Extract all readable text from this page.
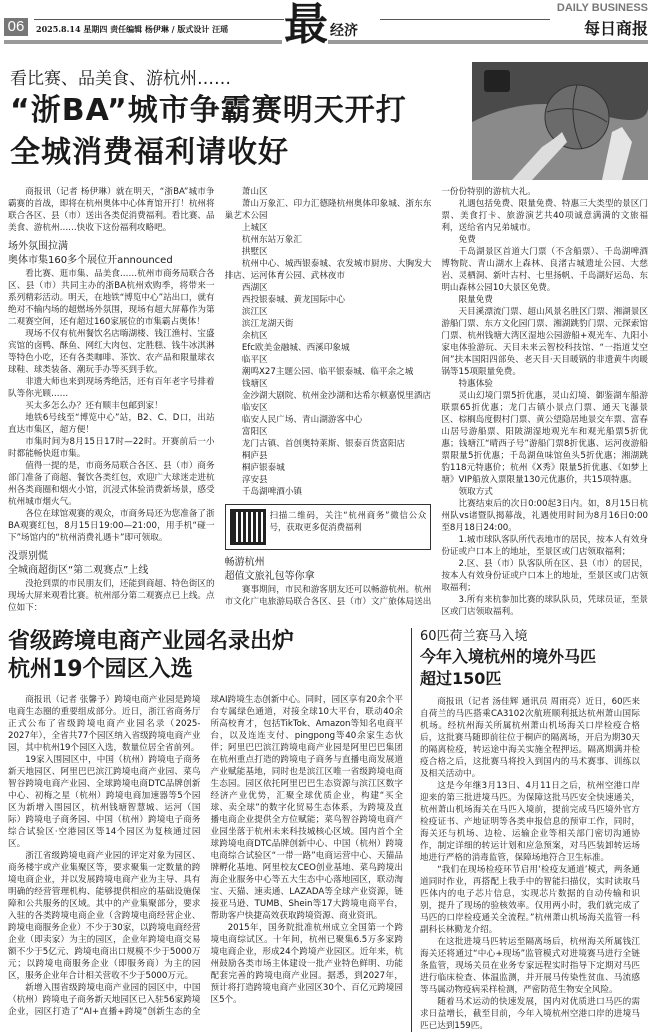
06	2025.8.14 星期四 责任编辑 杨伊琳 / 版式设计 汪瑶 最 经济
DAILY BUSINESS
每日商报
看比赛、品美食、游杭州……
“浙BA”城市争霸赛明天开打
全城消费福利请收好

商报讯（记者 杨伊琳）就在明天，“浙BA”城市争霸赛的首战，即将在杭州奥体中心体育馆开打！杭州将联合各区、县（市）送出各类促消费福利。看比赛、品美食、游杭州……快收下这份福利攻略吧。

场外氛围拉满
奥体市集160多个展位开announced

看比赛、逛市集、品美食……杭州市商务局联合各区、县（市）共同主办的浙BA杭州欢购季，将带来一系列精彩活动。明天，在地铁“博览中心”站出口，就有绝对不输内场的超燃场外氛围，现场有超大屏幕作为第二观赛空间，还有超过160家展位的市集霸占奥体！

现场不仅有杭州餐饮名店嗨湖楼、钱江渔村、宝盛宾馆的卤鸭、酥鱼、网红大肉包、定胜糕、钱牛冰淇淋等特色小吃，还有各类咖啡、茶饮、农产品和限量球衣球鞋、球类装备、潮玩手办等买到手软。

非遗大师也来到现场秀绝活，还有百年老字号排着队等你光顾……

买太多怎么办？还有顺丰包邮到家！

地铁6号线至“博览中心”站，B2、C、D口，出站直达市集区，超方便！

市集时间为8月15日17时—22时。开赛前后一小时都能畅快逛市集。

值得一提的是，市商务局联合各区、县（市）商务部门准备了商超、餐饮各类红包，欢迎广大球迷走进杭州各类商圈和烟火小馆，沉浸式体验消费新场景，感受杭州城市烟火气。

各位在球馆观赛的观众，市商务局还为您准备了浙BA观赛红包，8月15日19:00—21:00，用手机“碰一下”场馆内的“杭州消费礼遇卡”即可领取。

没票别慌
全城商超街区“第二观赛点”上线

没抢到票的市民朋友们，还能到商超、特色街区的现场大屏来观看比赛。杭州部分第二观赛点已上线。点位如下：

萧山区
萧山万象汇、印力汇德隆杭州奥体印象城、浙东东巢艺术公园
上城区
杭州东站万象汇
拱墅区
杭州中心、城西银泰城、农发城市厨房、大胸发大排店、运河体育公园、武林夜市
西湖区
西投银泰城、黄龙国际中心
滨江区
滨江龙湖天街
余杭区
Efc欧美金融城、西溪印象城
临平区
潮鸣X27主题公园、临平银泰城、临平余之城
钱塘区
金沙湖大剧院、杭州金沙湖和达希尔顿嘉悦里酒店
临安区
临安人民广场、青山湖游客中心
富阳区
龙门古镇、首创奥特莱斯、银泰百货富阳店
桐庐县
桐庐银泰城
淳安县
千岛湖啤酒小镇
扫描二维码，关注“杭州商务”微信公众号，获取更多促消费福利
畅游杭州
超值文旅礼包等你拿

赛事期间，市民和游客朋友还可以畅游杭州。杭州市文化广电旅游局联合各区、县（市）文广旅体局送出一份份特别的游杭大礼。

礼遇包括免费、限量免费、特惠三大类型的景区门票、美食打卡、旅游演艺共40项诚意满满的文旅福利，送给省内兄弟城市。

免费

千岛湖景区首道大门票（不含船票）、千岛湖啤酒博物院、青山湖水上森林、良渚古城遗址公园、大慈岩、灵栖洞、新叶古村、七里扬帆、千岛湖好运岛、东明山森林公园10大景区免费。

限量免费

天目溪漂流门票、超山风景名胜区门票、湘湖景区游船门票、东方文化园门票、湘湖跳豹门票、元探索馆门票、杭州钱塘大湾区湿地公园游船+观光车、九阳小家电体验游玩、天目未来云智校科技馆、“一指道艾空间”扶本国阳四部奂、老天目·天目暖锅的非遗黄牛肉暖锅等15项限量免费。

特惠体验

灵山幻境门票5折优惠，灵山幻境、御鉴湖车船游联票65折优惠；龙门古镇小景点门票、通天飞瀑景区、棕榈岛度假村门票、黄公望隐居地景交车票、富春山居号游船票、阳陂湖湿地观光车和观光船票5折优惠；钱塘江“晴西子号”游船门票8折优惠、运河夜游船票限量5折优惠；千岛湖鱼味馆鱼头5折优惠；湘湖跳豹118元特惠价；杭州《X秀》限量5折优惠、《如梦上塘》VIP船放入票限量130元优惠价，共15项特惠。

领取方式

比赛结束后的次日0:00起3日内。如，8月15日杭州队vs诸暨队揭幕战，礼遇使用时间为8月16日0:00至8月18日24:00。

1.城市球队客队所代表地市的居民，按本人有效身份证或户口本上的地址，至景区或门店领取福利；

2.区、县（市）队客队所在区、县（市）的居民，按本人有效身份证或户口本上的地址，至景区或门店领取福利；

3.所有来杭参加比赛的球队队员，凭球员证，至景区或门店领取福利。

省级跨境电商产业园名录出炉
杭州19个园区入选

商报讯（记者 张馨予）跨境电商产业园是跨境电商生态圈的重要组成部分。近日，浙江省商务厅正式公布了省级跨境电商产业园名录（2025-2027年），全省共77个园区纳入省级跨境电商产业园，其中杭州19个园区入选，数量位居全省前列。

19家入围园区中，中国（杭州）跨境电子商务新天地园区、阿里巴巴滨江跨境电商产业园、菜鸟智谷跨境电商产业园、全球跨境电商DTC品牌创新中心、初梅之星（杭州）跨境电商加速器等5个园区为新增入围园区，杭州钱塘智慧城、运河（国际）跨境电子商务园、中国（杭州）跨境电子商务综合试验区·空港园区等14个园区为复核通过园区。

浙江省级跨境电商产业园的评定对象为园区、商务楼宇或产业集聚区等，要求聚集一定数量的跨境电商企业，并以发展跨境电商产业为主导、具有明确的经营管理机构、能够提供相应的基础设施保障和公共服务的区域。其中的产业集聚部分，要求入驻的各类跨境电商企业（含跨境电商经营企业、跨境电商服务企业）不少于30家，以跨境电商经营企业（即卖家）为主的园区，企业年跨境电商交易额不少于5亿元、跨境电商出口规模不少于5000万元；以跨境电商服务企业（即服务商）为主的园区，服务企业年合计相关营收不少于5000万元。

新增入围省级跨境电商产业园的园区中，中国（杭州）跨境电子商务新天地园区已入驻56家跨境企业，园区打造了“AI+直播+跨境”创新生态的全球AI跨境生态创新中心。同时，园区享有20余个平台专属绿色通道，对接全球10大平台，联动40余所高校育才，包括TikTok、Amazon等知名电商平台，以及连连支付、pingpong等40余家生态伙伴；阿里巴巴滨江跨境电商产业园是阿里巴巴集团在杭州重点打造的跨境电子商务与直播电商发展道产业赋能基地，同时也是滨江区唯一省级跨境电商生态园。园区依托阿里巴巴生态资源与滨江区数字经济产业优势，汇聚全球优质企业，构建“买全球、卖全球”的数字化贸易生态体系，为跨境及直播电商企业提供全方位赋能；菜鸟智谷跨境电商产业园坐落于杭州未来科技城核心区域。国内首个全球跨境电商DTC品牌创新中心、中国（杭州）跨境电商综合试验区“一带一路”电商运营中心、天猫品牌孵化基地、阿里校友CEO创业基地、菜鸟跨境出海企业服务中心等五大生态中心落地园区，联动淘宝、天猫、速卖通、LAZADA等全球产业资源，链接亚马逊、TUMB、Shein等17大跨境电商平台，帮助客户快捷高效获取跨境资源、商业资讯。

2015年，国务院批准杭州成立全国第一个跨境电商综试区。十年间，杭州已聚集6.5万多家跨境电商企业，形成24个跨境产业园区。近年来，杭州鼓励各类市场主体建设一批产业特色鲜明、功能配套完善的跨境电商产业园。据悉，到2027年，预计将打造跨境电商产业园区30个、百亿元跨境园区5个。

60匹荷兰赛马入境
今年入境杭州的境外马匹
超过150匹

商报讯（记者 汤佳辉 通讯员 周雨亮）近日，60匹来自荷兰的马匹搭乘CA3102次航班顺利抵达杭州萧山国际机场。经杭州海关所属杭州萧山机场海关口岸检疫合格后，这批赛马随即前往位于桐庐的隔离场，开启为期30天的隔离检疫，转运途中海关实施全程押运。隔离期满并检疫合格之后，这批赛马将投入到国内的马术赛事、训练以及相关活动中。

这是今年继3月13日、4月11日之后，杭州空港口岸迎来的第三批进境马匹。为保障这批马匹安全快速通关，杭州萧山机场海关在马匹入境前，提前完成马匹境外官方检疫证书、产地证明等各类申报信息的预审工作，同时，海关还与机场、边检、运输企业等相关部门密切沟通协作，制定详细的转运计划和应急预案，对马匹装卸转运场地进行严格的消毒监管，保障场地符合卫生标准。

“我们在现场检疫环节启用‘检疫友通道’模式，两条通道同时作业，再搭配上我手中的智能扫描仪，实时读取马匹体内的电子芯片信息，实现芯片数据的自动传输和识别，提升了现场的验核效率。仅用两小时，我们就完成了马匹的口岸检疫通关全流程。”杭州萧山机场海关监管一科副科长林勤龙介绍。

在这批进境马匹转运至隔离场后，杭州海关所属钱江海关还将通过“中心+现场”监管模式对进境赛马进行全链条监管，现场关员在业务专家远程实时指导下定期对马匹进行临床检查、体温监测，并开展马传染性贫血、马流感等马属动物疫病采样检测，严密防范生物安全风险。

随着马术运动的快速发展，国内对优质进口马匹的需求日益增长，截至目前，今年入境杭州空港口岸的进境马匹已达到159匹。
